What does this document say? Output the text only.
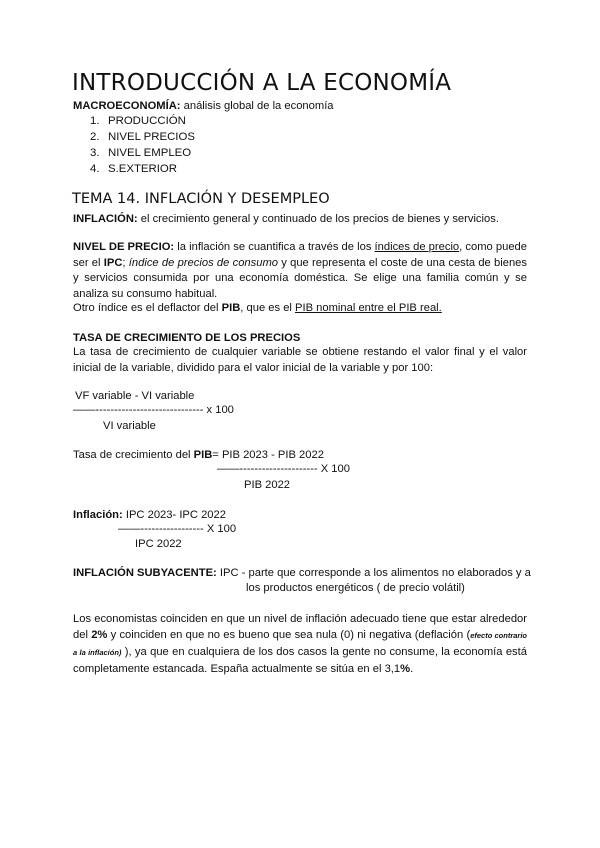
INTRODUCCIÓN A LA ECONOMÍA
MACROECONOMÍA: análisis global de la economía
1. PRODUCCIÓN
2. NIVEL PRECIOS
3. NIVEL EMPLEO
4. S.EXTERIOR
TEMA 14. INFLACIÓN Y DESEMPLEO
INFLACIÓN: el crecimiento general y continuado de los precios de bienes y servicios.
NIVEL DE PRECIO: la inflación se cuantifica a través de los índices de precio, como puede ser el IPC; índice de precios de consumo y que representa el coste de una cesta de bienes y servicios consumida por una economía doméstica. Se elige una familia común y se analiza su consumo habitual.
Otro índice es el deflactor del PIB, que es el PIB nominal entre el PIB real.
TASA DE CRECIMIENTO DE LOS PRECIOS
La tasa de crecimiento de cualquier variable se obtiene restando el valor final y el valor inicial de la variable, dividido para el valor inicial de la variable y por 100:
VF variable - VI variable
——----------------------------- x 100
VI variable
Tasa de crecimiento del PIB= PIB 2023 - PIB 2022
——--------------------- X 100
PIB 2022
Inflación: IPC 2023- IPC 2022
——----------------- X 100
IPC 2022
INFLACIÓN SUBYACENTE: IPC - parte que corresponde a los alimentos no elaborados y a
los productos energéticos ( de precio volátil)
Los economistas coinciden en que un nivel de inflación adecuado tiene que estar alrededor del 2% y coinciden en que no es bueno que sea nula (0) ni negativa (deflación (efecto contrario a la inflación) ), ya que en cualquiera de los dos casos la gente no consume, la economía está completamente estancada. España actualmente se sitúa en el 3,1%.
